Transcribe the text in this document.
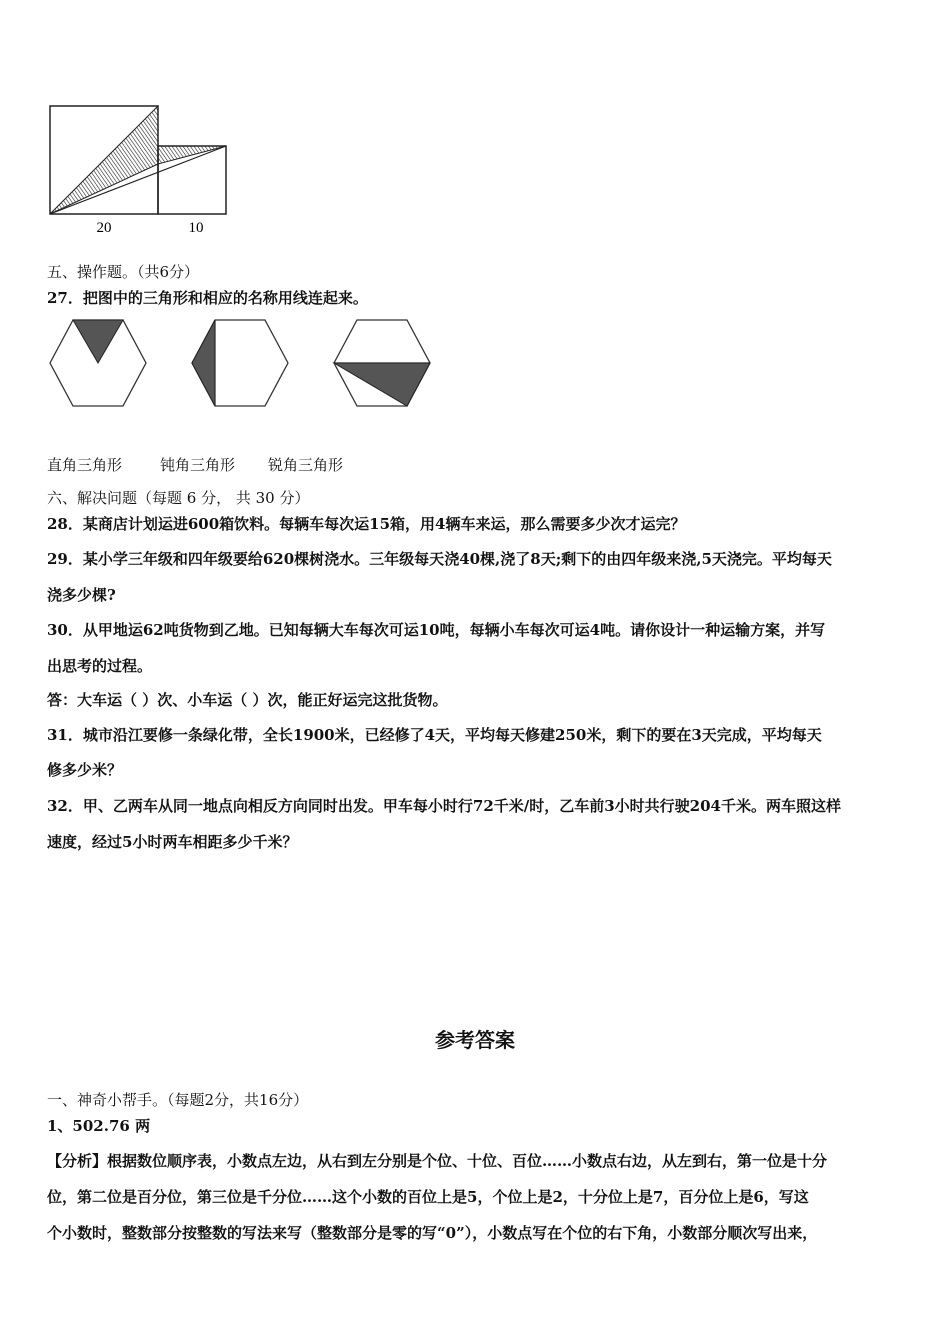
20	10
五、操作题。（共6分）
27．把图中的三角形和相应的名称用线连起来。
直角三角形	钝角三角形 锐角三角形
六、解决问题（每题 6 分， 共 30 分）
28．某商店计划运进600箱饮料。每辆车每次运15箱，用4辆车来运，那么需要多少次才运完？
29．某小学三年级和四年级要给620棵树浇水。三年级每天浇40棵,浇了8天;剩下的由四年级来浇,5天浇完。平均每天
浇多少棵?
30．从甲地运62吨货物到乙地。已知每辆大车每次可运10吨，每辆小车每次可运4吨。请你设计一种运输方案，并写
出思考的过程。
答：大车运（ ）次、小车运（ ）次，能正好运完这批货物。
31．城市沿江要修一条绿化带，全长1900米，已经修了4天，平均每天修建250米，剩下的要在3天完成，平均每天
修多少米？
32．甲、乙两车从同一地点向相反方向同时出发。甲车每小时行72千米/时，乙车前3小时共行驶204千米。两车照这样
速度，经过5小时两车相距多少千米？
参考答案
一、神奇小帮手。（每题2分，共16分）
1、502.76 两
【分析】根据数位顺序表，小数点左边，从右到左分别是个位、十位、百位……小数点右边，从左到右，第一位是十分
位，第二位是百分位，第三位是千分位……这个小数的百位上是5，个位上是2，十分位上是7，百分位上是6，写这
个小数时，整数部分按整数的写法来写（整数部分是零的写“0”），小数点写在个位的右下角，小数部分顺次写出来，
